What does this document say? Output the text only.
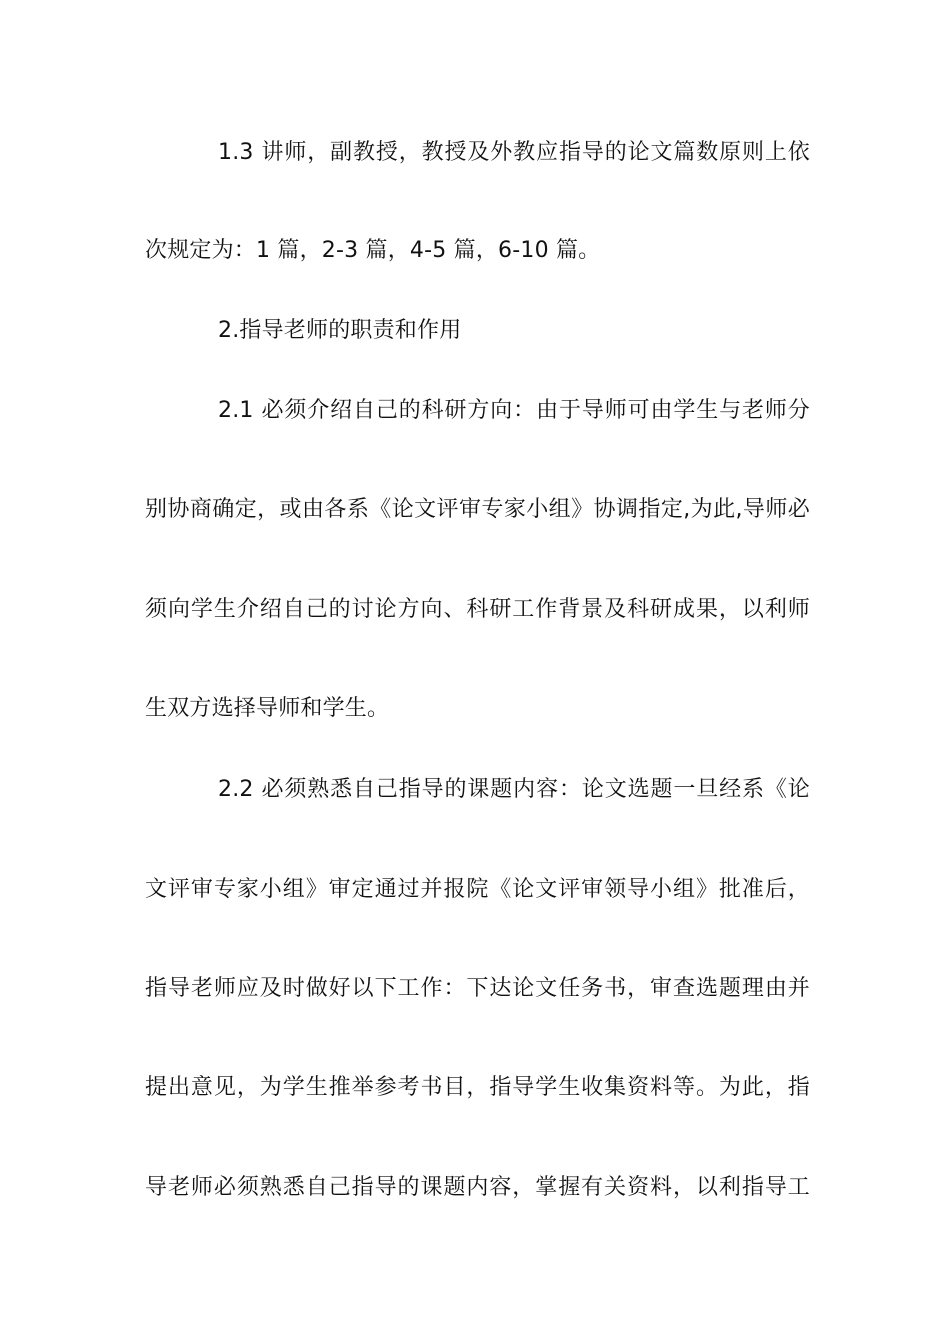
1.3 讲师，副教授，教授及外教应指导的论文篇数原则上依
次规定为：1 篇，2-3 篇，4-5 篇，6-10 篇。
2.指导老师的职责和作用
2.1 必须介绍自己的科研方向：由于导师可由学生与老师分
别协商确定，或由各系《论文评审专家小组》协调指定,为此,导师必
须向学生介绍自己的讨论方向、科研工作背景及科研成果，以利师
生双方选择导师和学生。
2.2 必须熟悉自己指导的课题内容：论文选题一旦经系《论
文评审专家小组》审定通过并报院《论文评审领导小组》批准后，
指导老师应及时做好以下工作：下达论文任务书，审查选题理由并
提出意见，为学生推举参考书目，指导学生收集资料等。为此，指
导老师必须熟悉自己指导的课题内容，掌握有关资料，以利指导工
